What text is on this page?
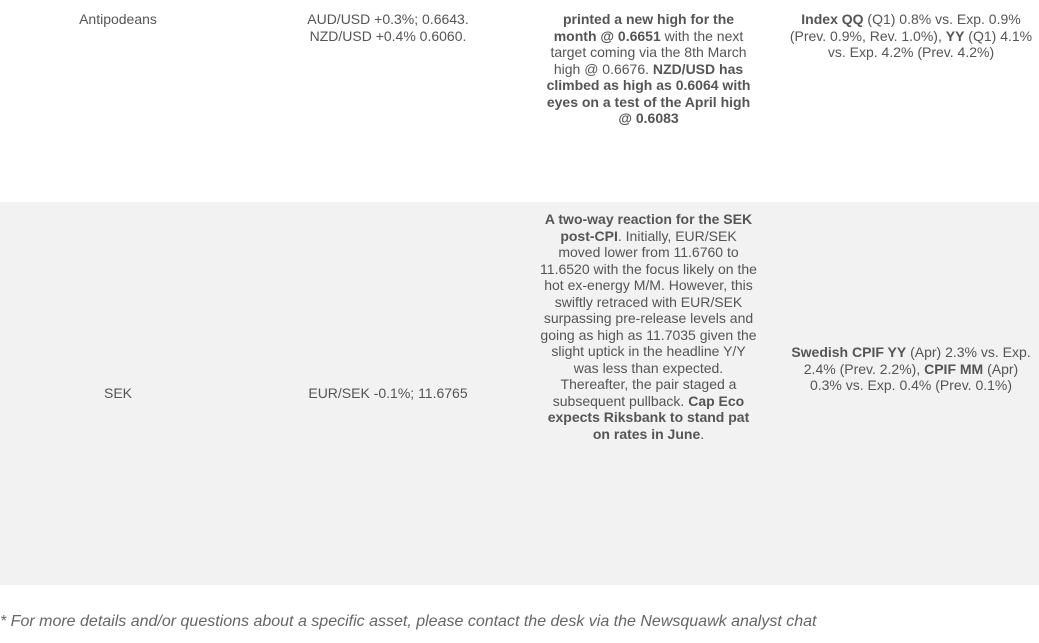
Antipodeans	AUD/USD +0.3%; 0.6643.
NZD/USD +0.4% 0.6060.
printed a new high for the month @ 0.6651 with the next target coming via the 8th March high @ 0.6676. NZD/USD has climbed as high as 0.6064 with eyes on a test of the April high @ 0.6083
Index QQ (Q1) 0.8% vs. Exp. 0.9% (Prev. 0.9%, Rev. 1.0%), YY (Q1) 4.1% vs. Exp. 4.2% (Prev. 4.2%)
SEK	EUR/SEK -0.1%; 11.6765
A two-way reaction for the SEK post-CPI. Initially, EUR/SEK moved lower from 11.6760 to 11.6520 with the focus likely on the hot ex-energy M/M. However, this swiftly retraced with EUR/SEK surpassing pre-release levels and going as high as 11.7035 given the slight uptick in the headline Y/Y was less than expected. Thereafter, the pair staged a subsequent pullback. Cap Eco expects Riksbank to stand pat on rates in June.
Swedish CPIF YY (Apr) 2.3% vs. Exp. 2.4% (Prev. 2.2%), CPIF MM (Apr) 0.3% vs. Exp. 0.4% (Prev. 0.1%)
* For more details and/or questions about a specific asset, please contact the desk via the Newsquawk analyst chat
